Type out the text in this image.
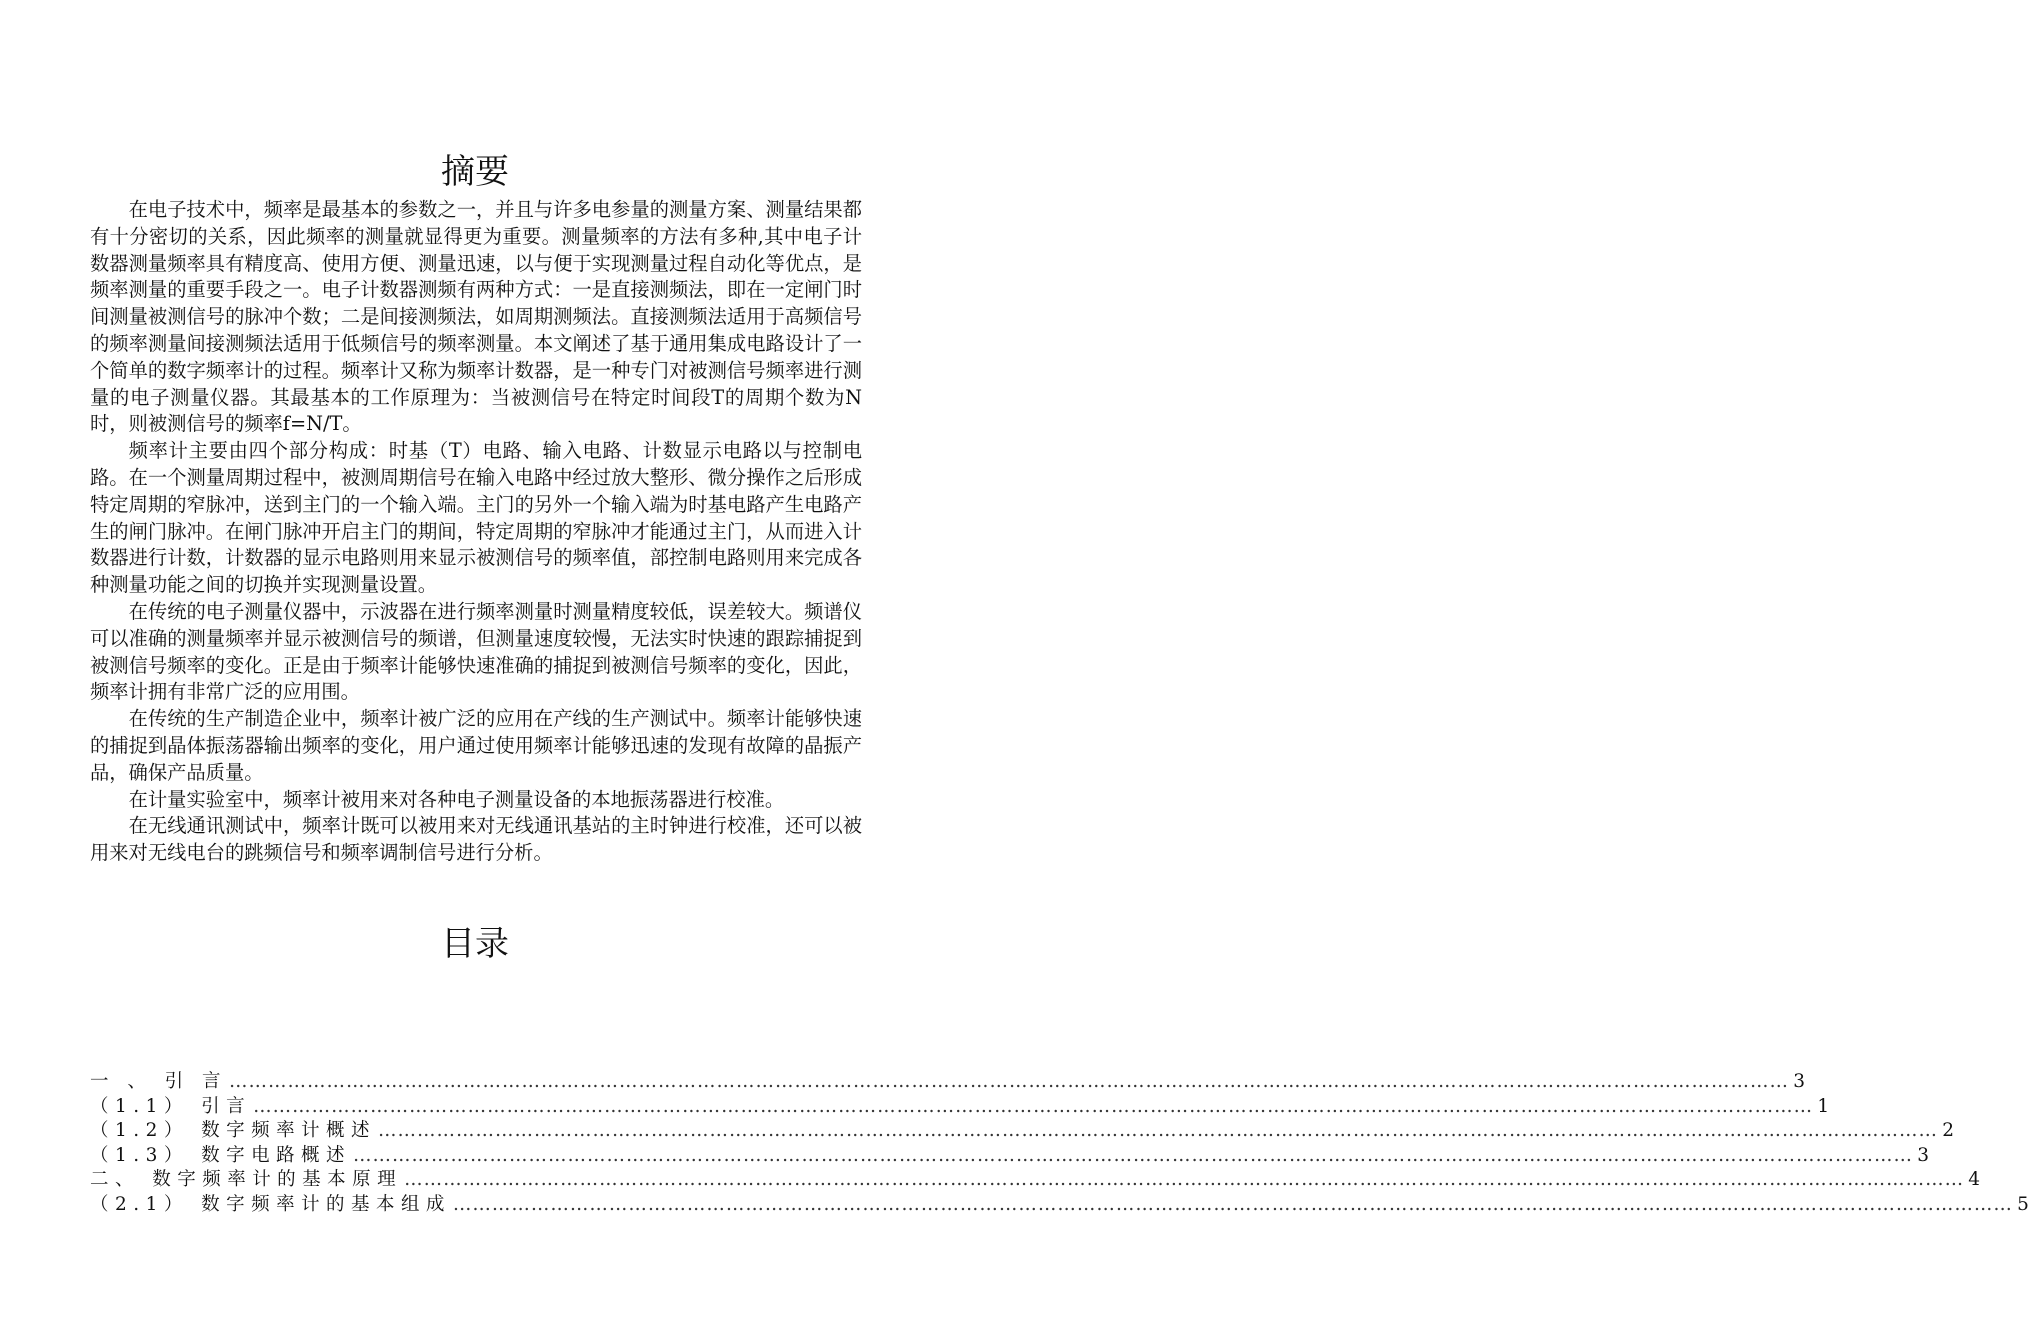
摘要

在电子技术中，频率是最基本的参数之一，并且与许多电参量的测量方案、测量结果都有十分密切的关系，因此频率的测量就显得更为重要。测量频率的方法有多种,其中电子计数器测量频率具有精度高、使用方便、测量迅速，以与便于实现测量过程自动化等优点，是频率测量的重要手段之一。电子计数器测频有两种方式：一是直接测频法，即在一定闸门时间测量被测信号的脉冲个数；二是间接测频法，如周期测频法。直接测频法适用于高频信号的频率测量间接测频法适用于低频信号的频率测量。本文阐述了基于通用集成电路设计了一个简单的数字频率计的过程。频率计又称为频率计数器，是一种专门对被测信号频率进行测量的电子测量仪器。其最基本的工作原理为：当被测信号在特定时间段T的周期个数为N时，则被测信号的频率f=N/T。

频率计主要由四个部分构成：时基（T）电路、输入电路、计数显示电路以与控制电路。在一个测量周期过程中，被测周期信号在输入电路中经过放大整形、微分操作之后形成特定周期的窄脉冲，送到主门的一个输入端。主门的另外一个输入端为时基电路产生电路产生的闸门脉冲。在闸门脉冲开启主门的期间，特定周期的窄脉冲才能通过主门，从而进入计数器进行计数，计数器的显示电路则用来显示被测信号的频率值，部控制电路则用来完成各种测量功能之间的切换并实现测量设置。

在传统的电子测量仪器中，示波器在进行频率测量时测量精度较低，误差较大。频谱仪可以准确的测量频率并显示被测信号的频谱，但测量速度较慢，无法实时快速的跟踪捕捉到被测信号频率的变化。正是由于频率计能够快速准确的捕捉到被测信号频率的变化，因此，频率计拥有非常广泛的应用围。

在传统的生产制造企业中，频率计被广泛的应用在产线的生产测试中。频率计能够快速的捕捉到晶体振荡器输出频率的变化，用户通过使用频率计能够迅速的发现有故障的晶振产品，确保产品质量。

在计量实验室中，频率计被用来对各种电子测量设备的本地振荡器进行校准。

在无线通讯测试中，频率计既可以被用来对无线通讯基站的主时钟进行校准，还可以被用来对无线电台的跳频信号和频率调制信号进行分析。

目录
一 、 引 言 …………………………………………………………………………………………………………………………………………………………………………………………………………………… 3
（1.1） 引言 …………………………………………………………………………………………………………………………………………………………………………………………………………………… 1
（1.2） 数字频率计概述 …………………………………………………………………………………………………………………………………………………………………………………………………………………… 2
（1.3） 数字电路概述 …………………………………………………………………………………………………………………………………………………………………………………………………………………… 3
二、 数字频率计的基本原理 …………………………………………………………………………………………………………………………………………………………………………………………………………………… 4
（2.1） 数字频率计的基本组成 …………………………………………………………………………………………………………………………………………………………………………………………………………………… 5
